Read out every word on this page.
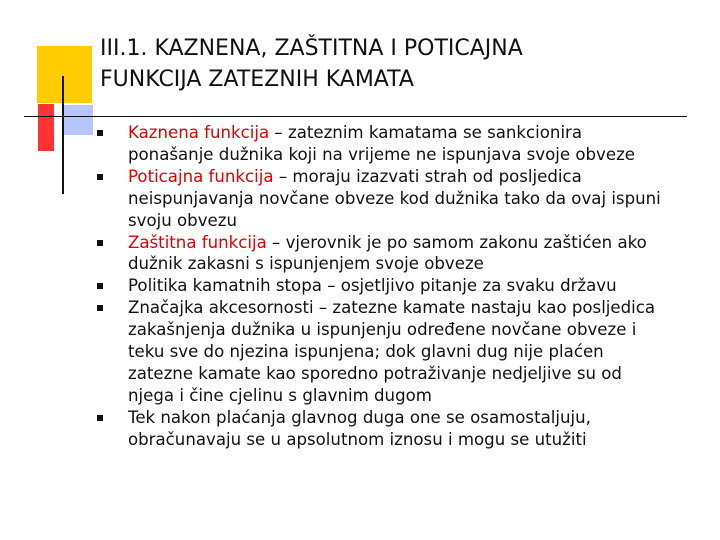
III.1. KAZNENA, ZAŠTITNA I POTICAJNA
FUNKCIJA ZATEZNIH KAMATA
Kaznena funkcija – zateznim kamatama se sankcionira
ponašanje dužnika koji na vrijeme ne ispunjava svoje obveze
Poticajna funkcija – moraju izazvati strah od posljedica
neispunjavanja novčane obveze kod dužnika tako da ovaj ispuni
svoju obvezu
Zaštitna funkcija – vjerovnik je po samom zakonu zaštićen ako
dužnik zakasni s ispunjenjem svoje obveze
Politika kamatnih stopa – osjetljivo pitanje za svaku državu
Značajka akcesornosti – zatezne kamate nastaju kao posljedica
zakašnjenja dužnika u ispunjenju određene novčane obveze i
teku sve do njezina ispunjena; dok glavni dug nije plaćen
zatezne kamate kao sporedno potraživanje nedjeljive su od
njega i čine cjelinu s glavnim dugom
Tek nakon plaćanja glavnog duga one se osamostaljuju,
obračunavaju se u apsolutnom iznosu i mogu se utužiti
